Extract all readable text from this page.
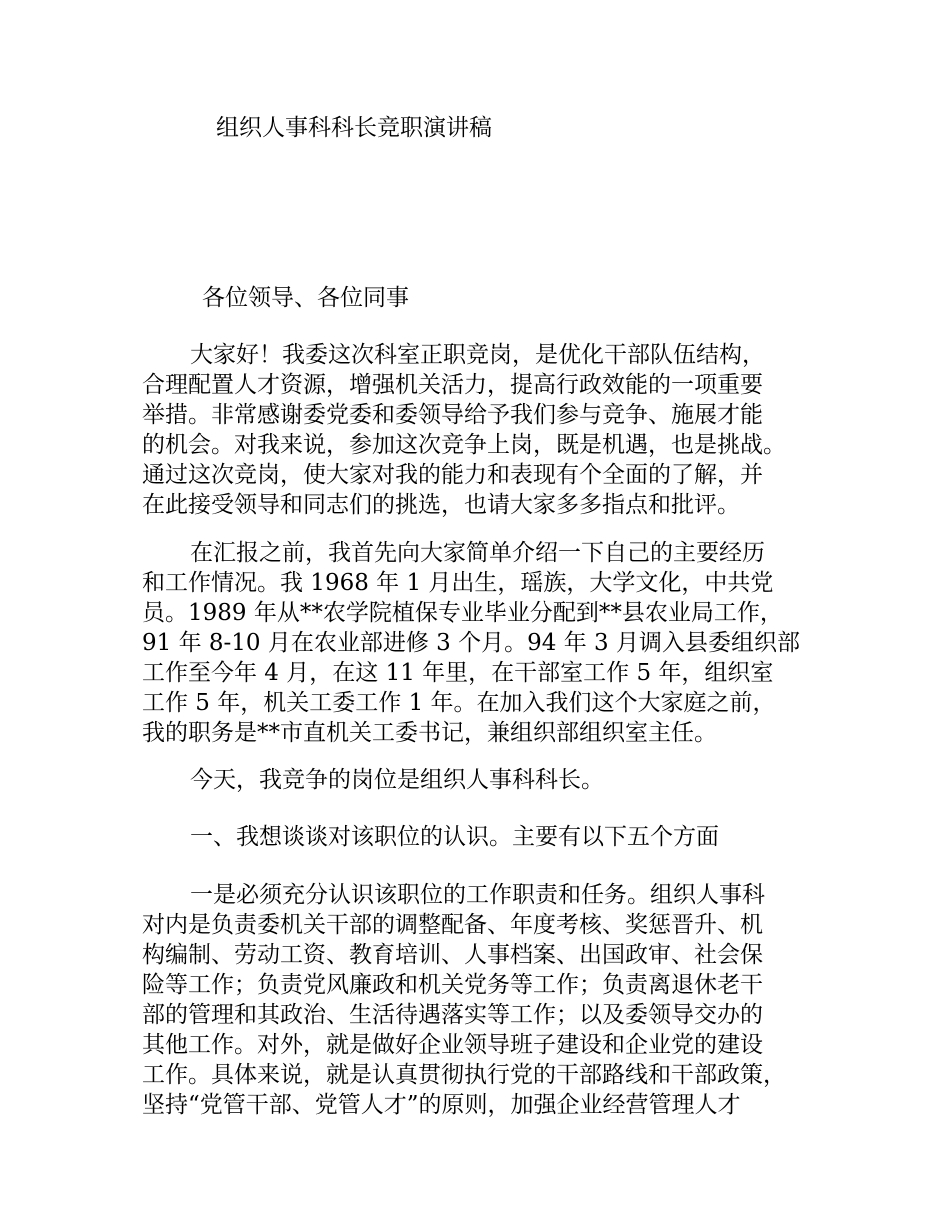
组织人事科科长竞职演讲稿
各位领导、各位同事
大家好！我委这次科室正职竞岗，是优化干部队伍结构，
合理配置人才资源，增强机关活力，提高行政效能的一项重要
举措。非常感谢委党委和委领导给予我们参与竞争、施展才能
的机会。对我来说，参加这次竞争上岗，既是机遇，也是挑战。
通过这次竞岗，使大家对我的能力和表现有个全面的了解，并
在此接受领导和同志们的挑选，也请大家多多指点和批评。
在汇报之前，我首先向大家简单介绍一下自己的主要经历
和工作情况。我 1968 年 1 月出生，瑶族，大学文化，中共党
员。1989 年从**农学院植保专业毕业分配到**县农业局工作，
91 年 8-10 月在农业部进修 3 个月。94 年 3 月调入县委组织部
工作至今年 4 月，在这 11 年里，在干部室工作 5 年，组织室
工作 5 年，机关工委工作 1 年。在加入我们这个大家庭之前，
我的职务是**市直机关工委书记，兼组织部组织室主任。
今天，我竞争的岗位是组织人事科科长。
一、我想谈谈对该职位的认识。主要有以下五个方面
一是必须充分认识该职位的工作职责和任务。组织人事科
对内是负责委机关干部的调整配备、年度考核、奖惩晋升、机
构编制、劳动工资、教育培训、人事档案、出国政审、社会保
险等工作；负责党风廉政和机关党务等工作；负责离退休老干
部的管理和其政治、生活待遇落实等工作；以及委领导交办的
其他工作。对外，就是做好企业领导班子建设和企业党的建设
工作。具体来说，就是认真贯彻执行党的干部路线和干部政策，
坚持“党管干部、党管人才”的原则，加强企业经营管理人才
